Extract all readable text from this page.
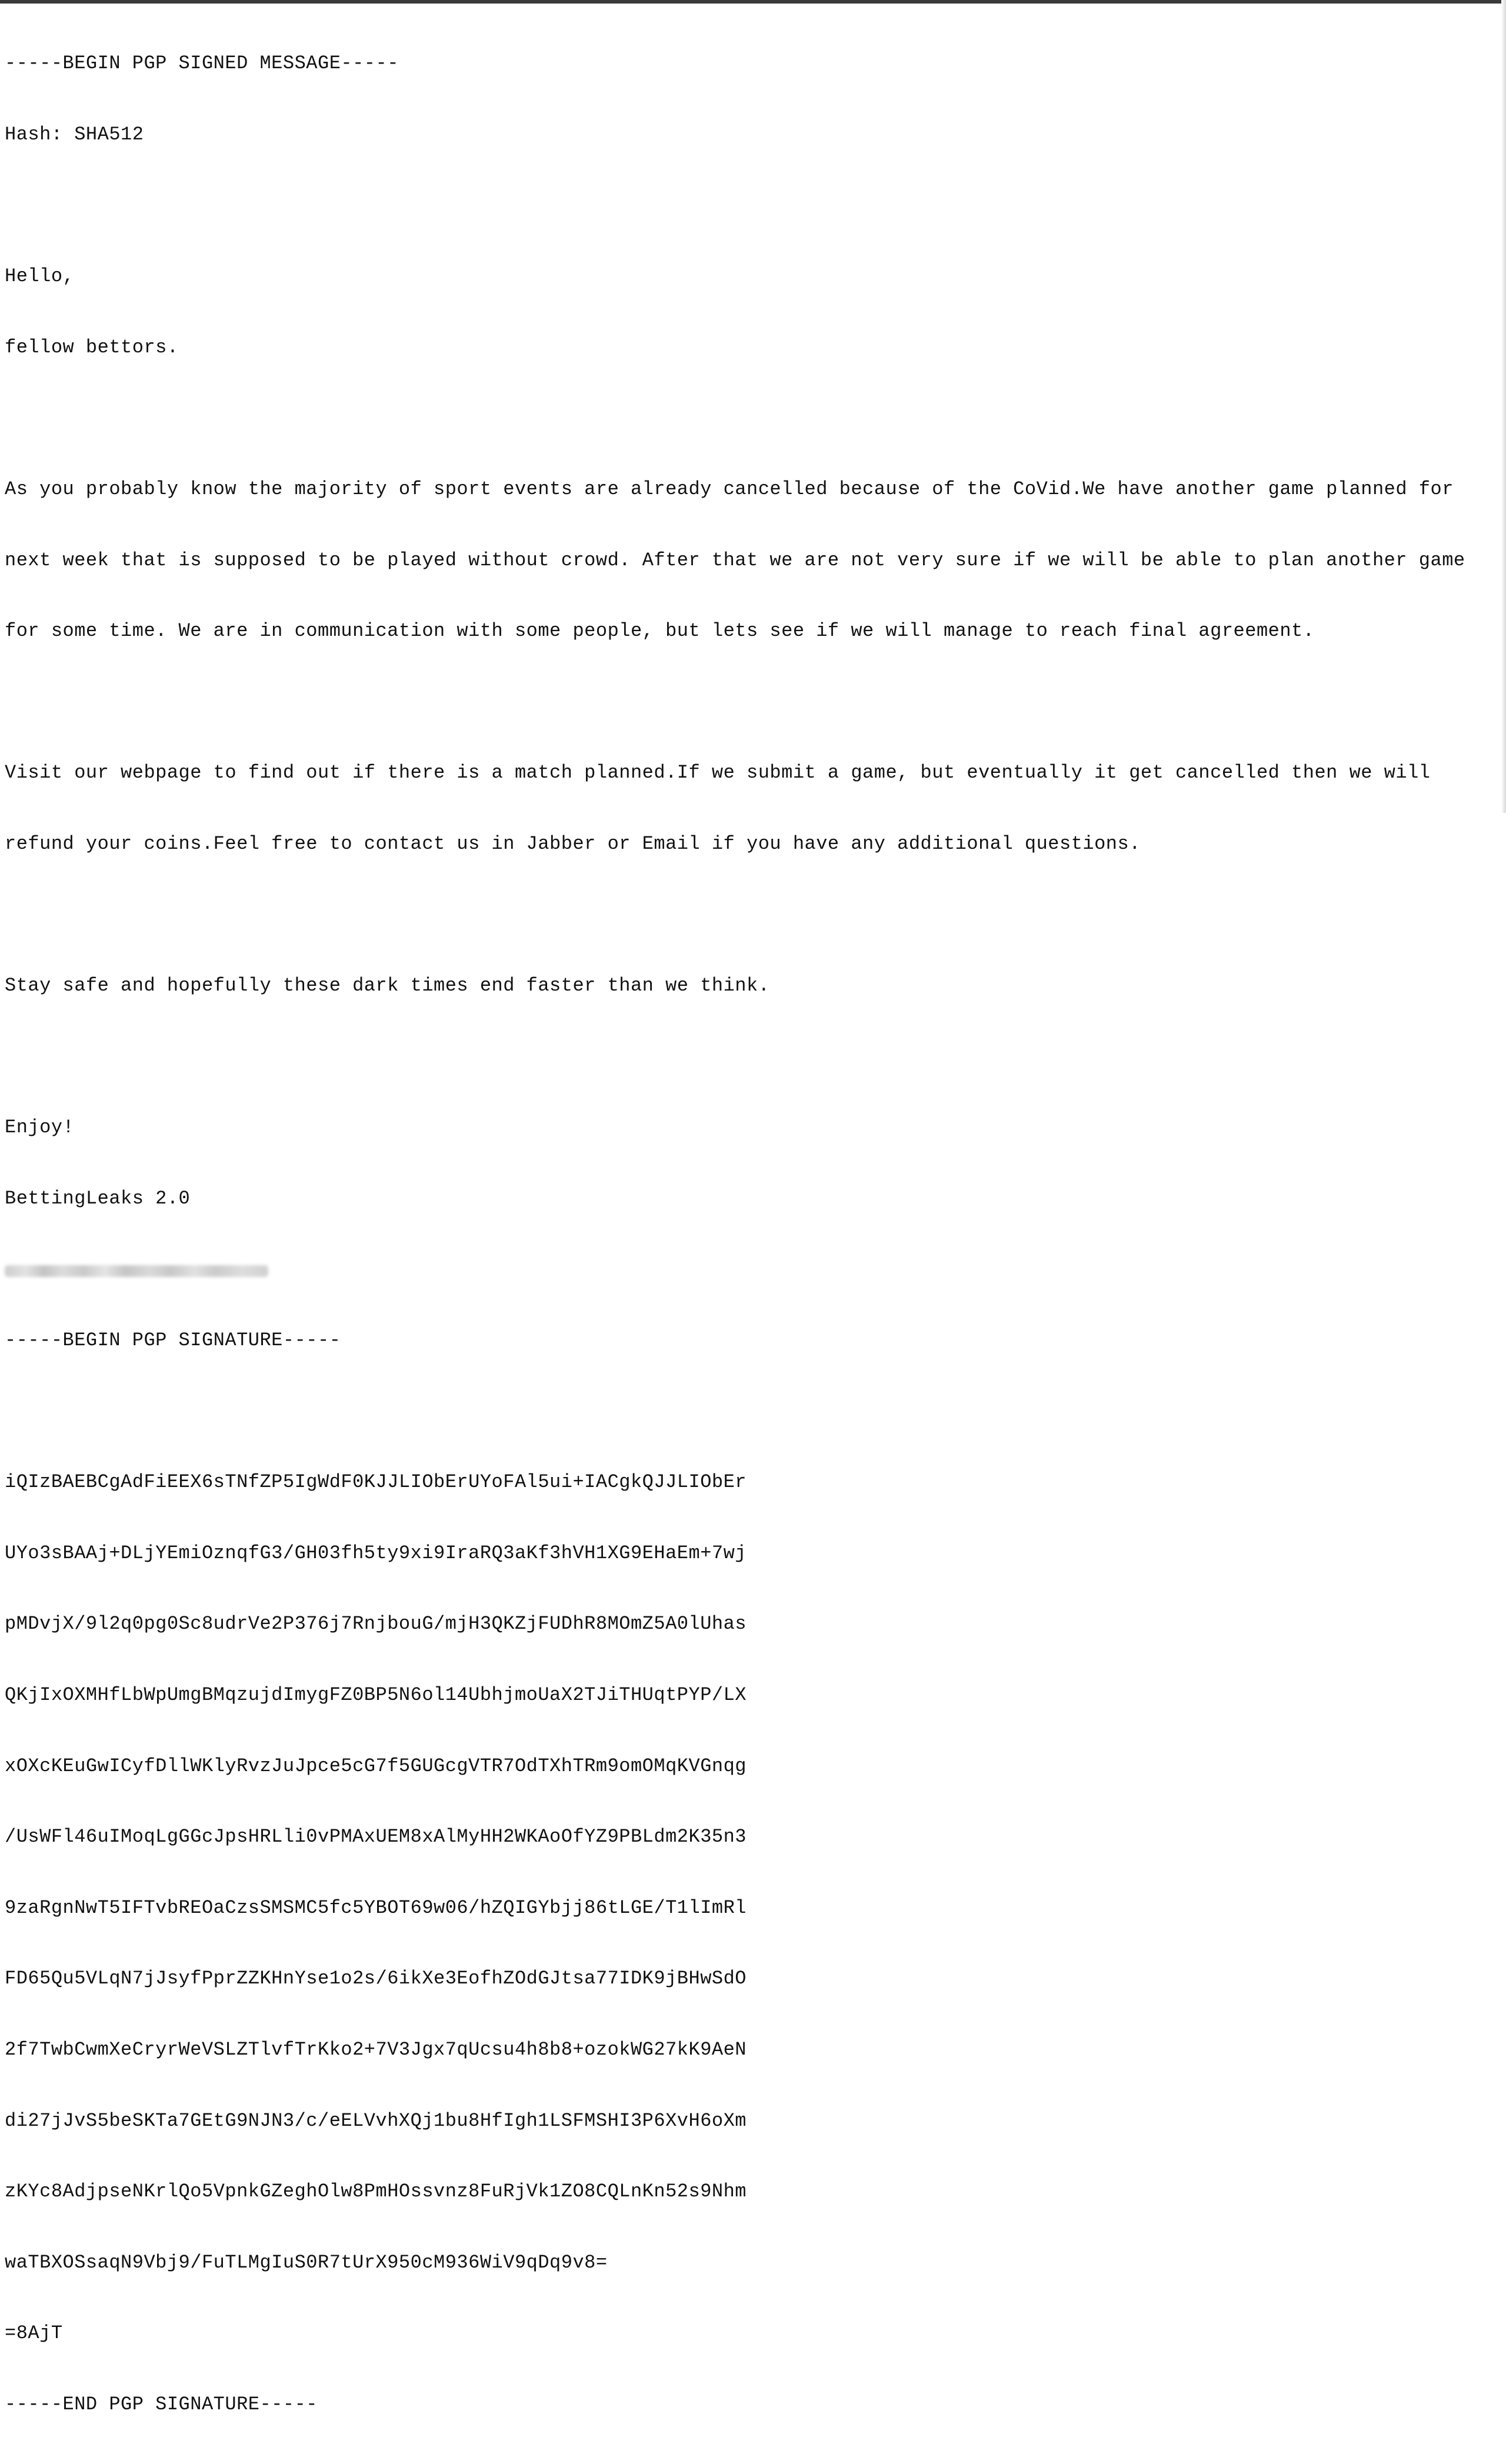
-----BEGIN PGP SIGNED MESSAGE-----

Hash: SHA512

Hello,

fellow bettors.

As you probably know the majority of sport events are already cancelled because of the CoVid.We have another game planned for

next week that is supposed to be played without crowd. After that we are not very sure if we will be able to plan another game

for some time. We are in communication with some people, but lets see if we will manage to reach final agreement.

Visit our webpage to find out if there is a match planned.If we submit a game, but eventually it get cancelled then we will

refund your coins.Feel free to contact us in Jabber or Email if you have any additional questions.

Stay safe and hopefully these dark times end faster than we think.

Enjoy!

BettingLeaks 2.0

-----BEGIN PGP SIGNATURE-----

iQIzBAEBCgAdFiEEX6sTNfZP5IgWdF0KJJLIObErUYoFAl5ui+IACgkQJJLIObEr

UYo3sBAAj+DLjYEmiOznqfG3/GH03fh5ty9xi9IraRQ3aKf3hVH1XG9EHaEm+7wj

pMDvjX/9l2q0pg0Sc8udrVe2P376j7RnjbouG/mjH3QKZjFUDhR8MOmZ5A0lUhas

QKjIxOXMHfLbWpUmgBMqzujdImygFZ0BP5N6ol14UbhjmoUaX2TJiTHUqtPYP/LX

xOXcKEuGwICyfDllWKlyRvzJuJpce5cG7f5GUGcgVTR7OdTXhTRm9omOMqKVGnqg

/UsWFl46uIMoqLgGGcJpsHRLli0vPMAxUEM8xAlMyHH2WKAoOfYZ9PBLdm2K35n3

9zaRgnNwT5IFTvbREOaCzsSMSMC5fc5YBOT69w06/hZQIGYbjj86tLGE/T1lImRl

FD65Qu5VLqN7jJsyfPprZZKHnYse1o2s/6ikXe3EofhZOdGJtsa77IDK9jBHwSdO

2f7TwbCwmXeCryrWeVSLZTlvfTrKko2+7V3Jgx7qUcsu4h8b8+ozokWG27kK9AeN

di27jJvS5beSKTa7GEtG9NJN3/c/eELVvhXQj1bu8HfIgh1LSFMSHI3P6XvH6oXm

zKYc8AdjpseNKrlQo5VpnkGZeghOlw8PmHOssvnz8FuRjVk1ZO8CQLnKn52s9Nhm

waTBXOSsaqN9Vbj9/FuTLMgIuS0R7tUrX950cM936WiV9qDq9v8=

=8AjT

-----END PGP SIGNATURE-----
